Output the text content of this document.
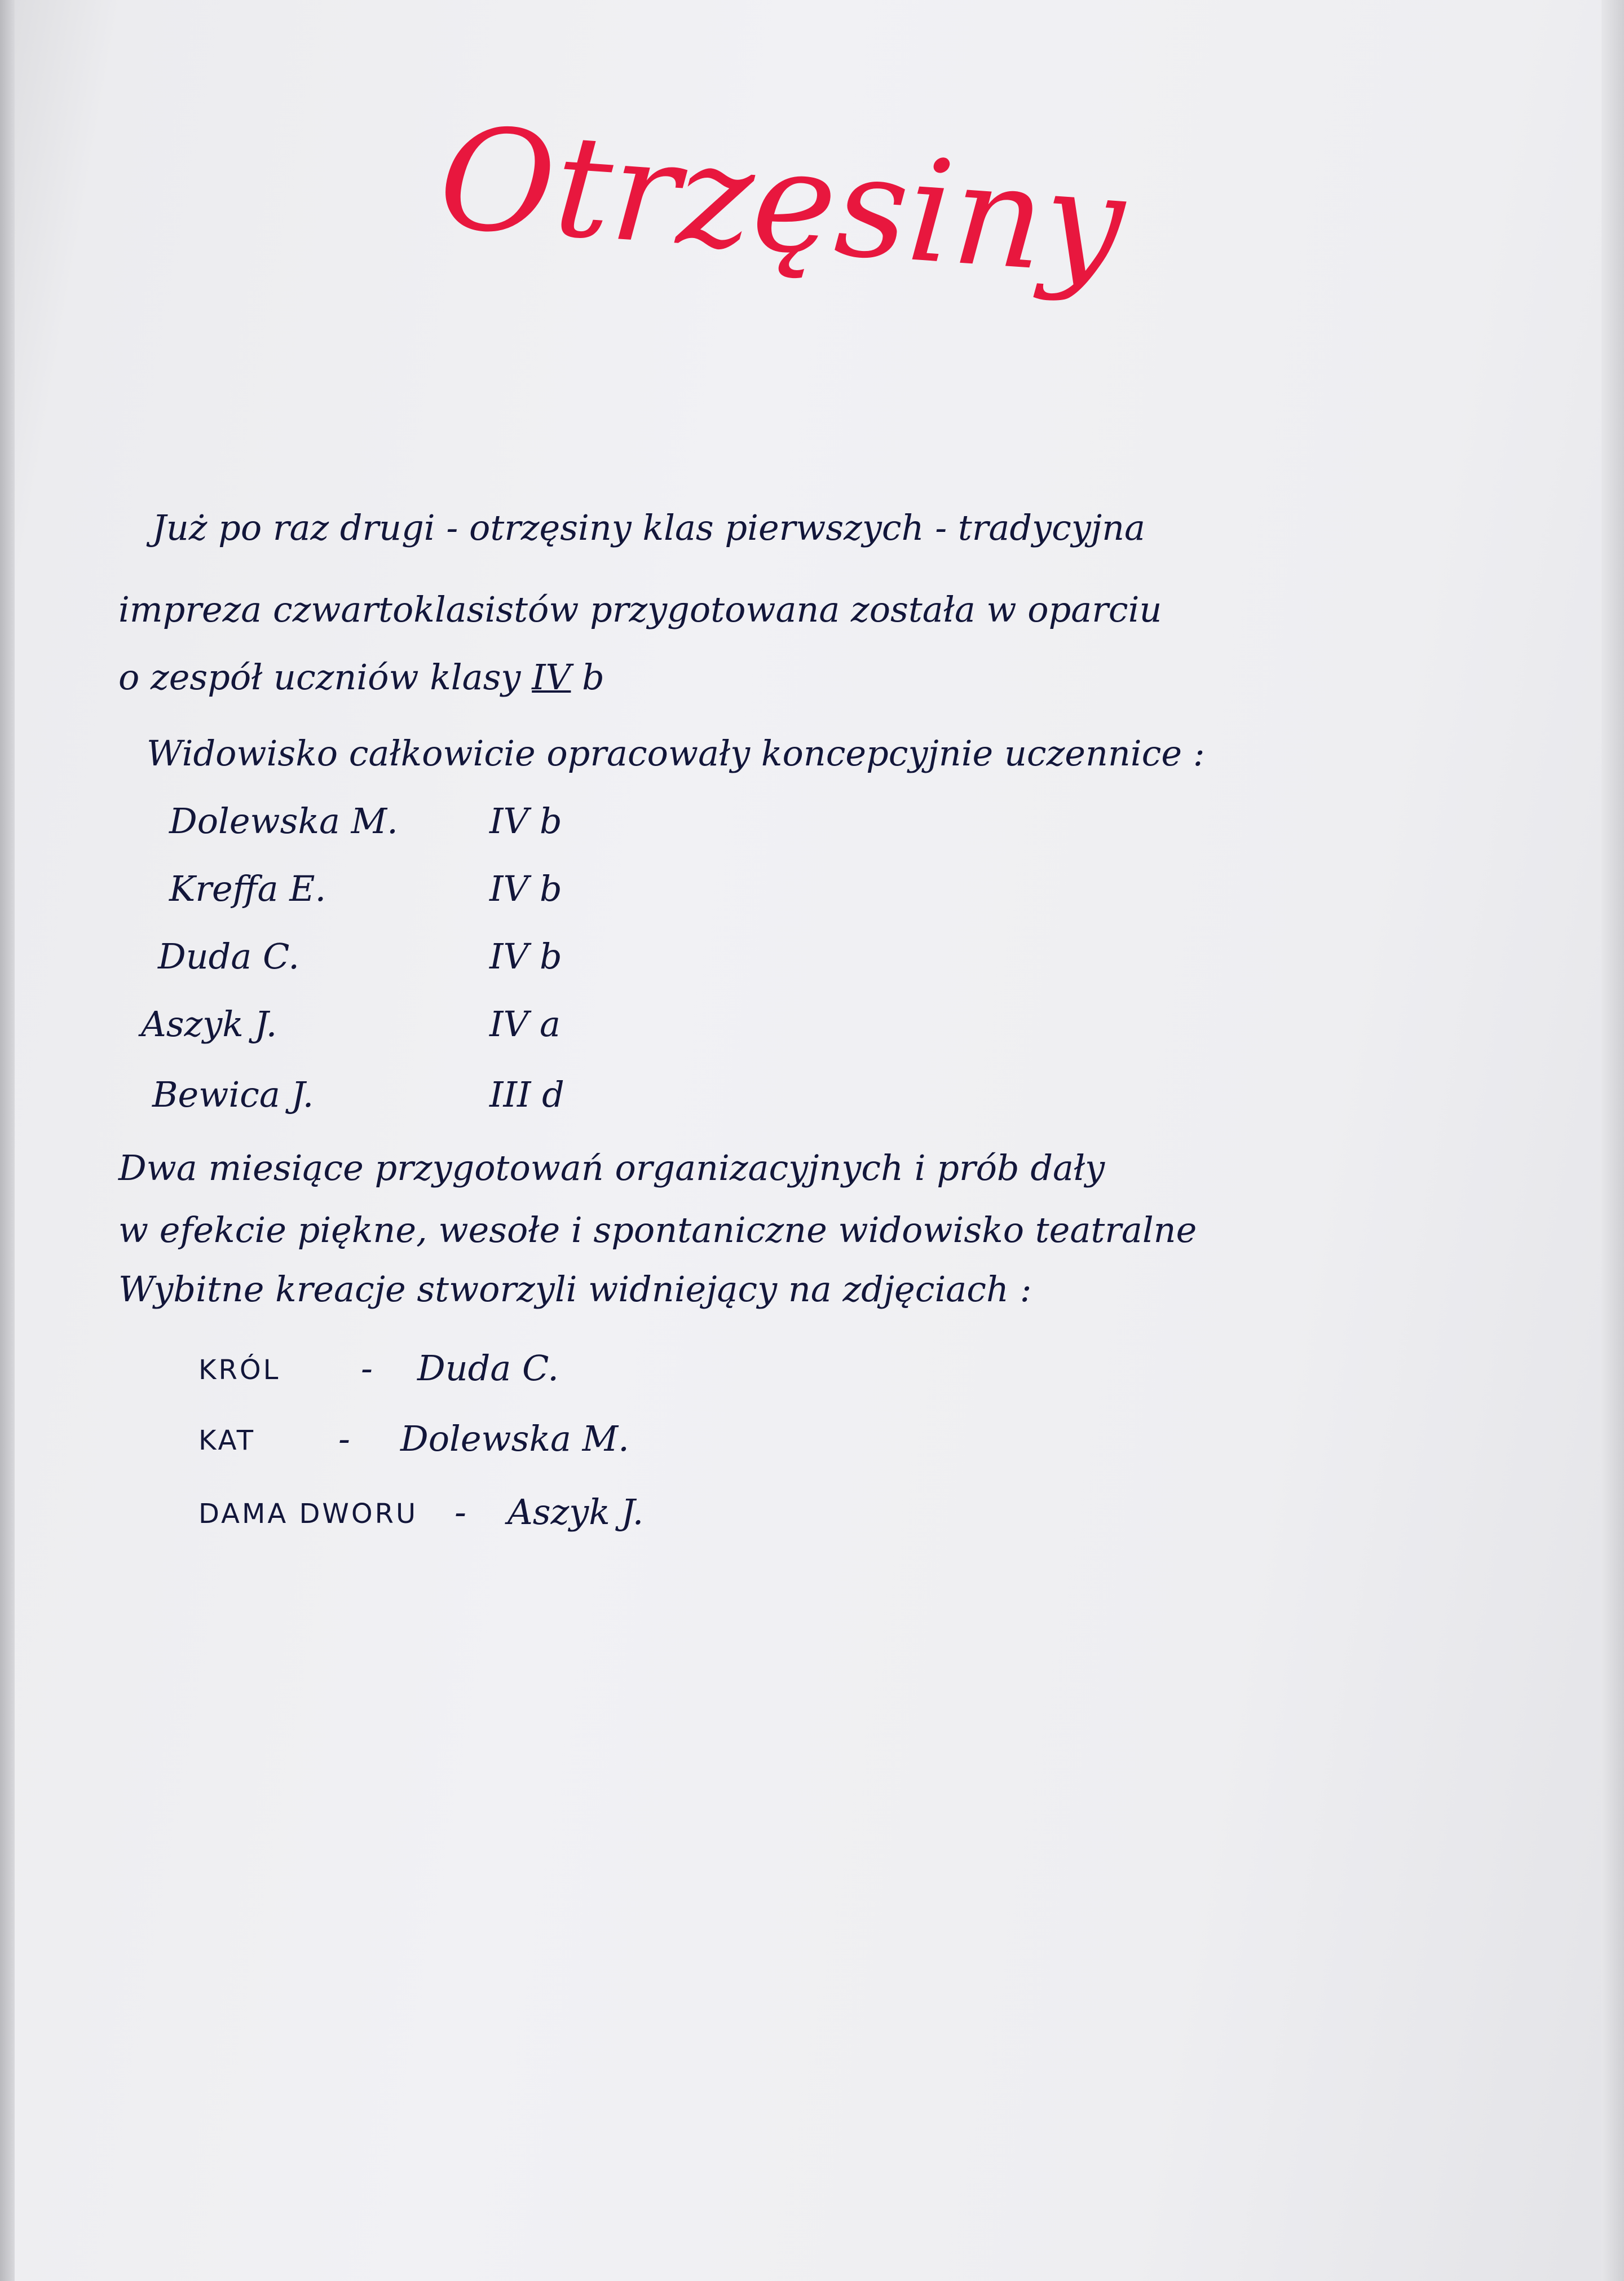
Otrzęsiny
Już po raz drugi - otrzęsiny klas pierwszych - tradycyjna
impreza czwartoklasistów przygotowana została w oparciu
o zespół uczniów klasy IV b
Widowisko całkowicie opracowały koncepcyjnie uczennice :
Dolewska M.	IV b
Kreffa E.	IV b
Duda C.	IV b
Aszyk J.	IV a
Bewica J.	III d
Dwa miesiące przygotowań organizacyjnych i prób dały
w efekcie piękne, wesołe i spontaniczne widowisko teatralne
Wybitne kreacje stworzyli widniejący na zdjęciach :
KRÓL - Duda C.
KAT - Dolewska M.
DAMA DWORU - Aszyk J.
